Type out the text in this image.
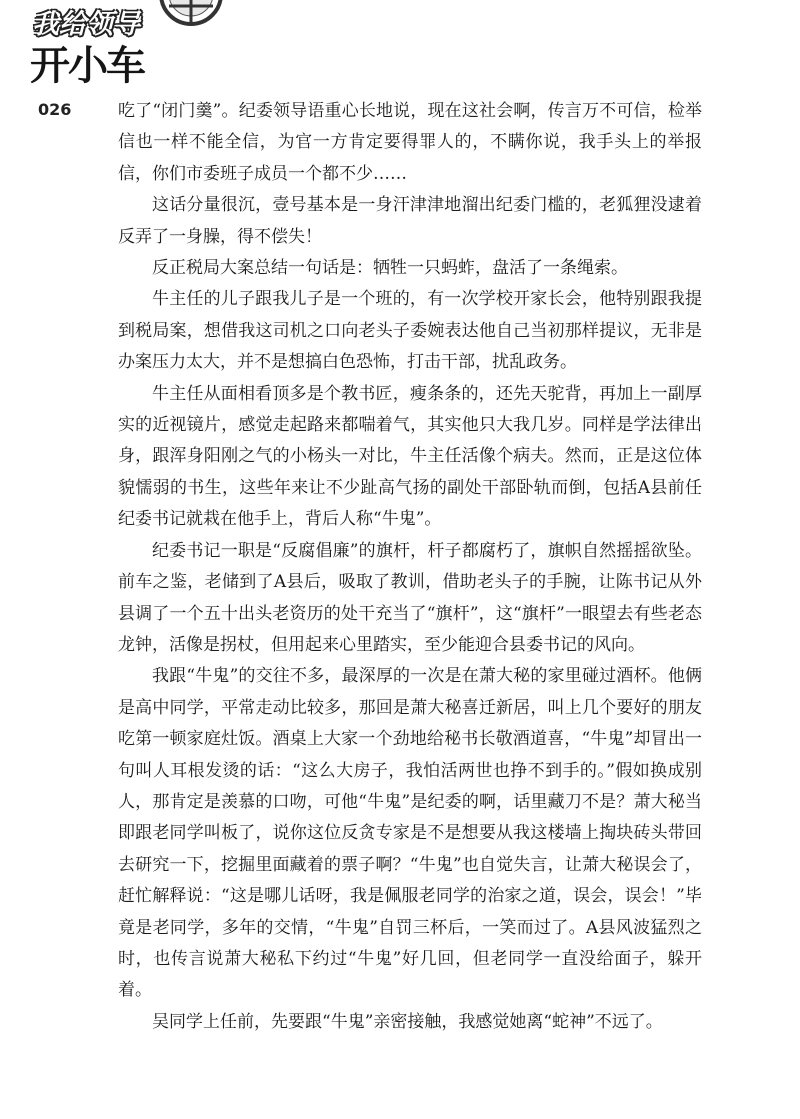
我给领导
开小车
026	吃了“闭门羹”。纪委领导语重心长地说，现在这社会啊，传言万不可信，检举信也一样不能全信，为官一方肯定要得罪人的，不瞒你说，我手头上的举报信，你们市委班子成员一个都不少……

这话分量很沉，壹号基本是一身汗津津地溜出纪委门槛的，老狐狸没逮着反弄了一身臊，得不偿失！

反正税局大案总结一句话是：牺牲一只蚂蚱，盘活了一条绳索。

牛主任的儿子跟我儿子是一个班的，有一次学校开家长会，他特别跟我提到税局案，想借我这司机之口向老头子委婉表达他自己当初那样提议，无非是办案压力太大，并不是想搞白色恐怖，打击干部，扰乱政务。

牛主任从面相看顶多是个教书匠，瘦条条的，还先天驼背，再加上一副厚实的近视镜片，感觉走起路来都喘着气，其实他只大我几岁。同样是学法律出身，跟浑身阳刚之气的小杨头一对比，牛主任活像个病夫。然而，正是这位体貌懦弱的书生，这些年来让不少趾高气扬的副处干部卧轨而倒，包括A县前任纪委书记就栽在他手上，背后人称“牛鬼”。

纪委书记一职是“反腐倡廉”的旗杆，杆子都腐朽了，旗帜自然摇摇欲坠。前车之鉴，老储到了A县后，吸取了教训，借助老头子的手腕，让陈书记从外县调了一个五十出头老资历的处干充当了“旗杆”，这“旗杆”一眼望去有些老态龙钟，活像是拐杖，但用起来心里踏实，至少能迎合县委书记的风向。

我跟“牛鬼”的交往不多，最深厚的一次是在萧大秘的家里碰过酒杯。他俩是高中同学，平常走动比较多，那回是萧大秘喜迁新居，叫上几个要好的朋友吃第一顿家庭灶饭。酒桌上大家一个劲地给秘书长敬酒道喜，“牛鬼”却冒出一句叫人耳根发烫的话：“这么大房子，我怕活两世也挣不到手的。”假如换成别人，那肯定是羡慕的口吻，可他“牛鬼”是纪委的啊，话里藏刀不是？萧大秘当即跟老同学叫板了，说你这位反贪专家是不是想要从我这楼墙上掏块砖头带回去研究一下，挖掘里面藏着的票子啊？“牛鬼”也自觉失言，让萧大秘误会了，赶忙解释说：“这是哪儿话呀，我是佩服老同学的治家之道，误会，误会！”毕竟是老同学，多年的交情，“牛鬼”自罚三杯后，一笑而过了。A县风波猛烈之时，也传言说萧大秘私下约过“牛鬼”好几回，但老同学一直没给面子，躲开着。

吴同学上任前，先要跟“牛鬼”亲密接触，我感觉她离“蛇神”不远了。
